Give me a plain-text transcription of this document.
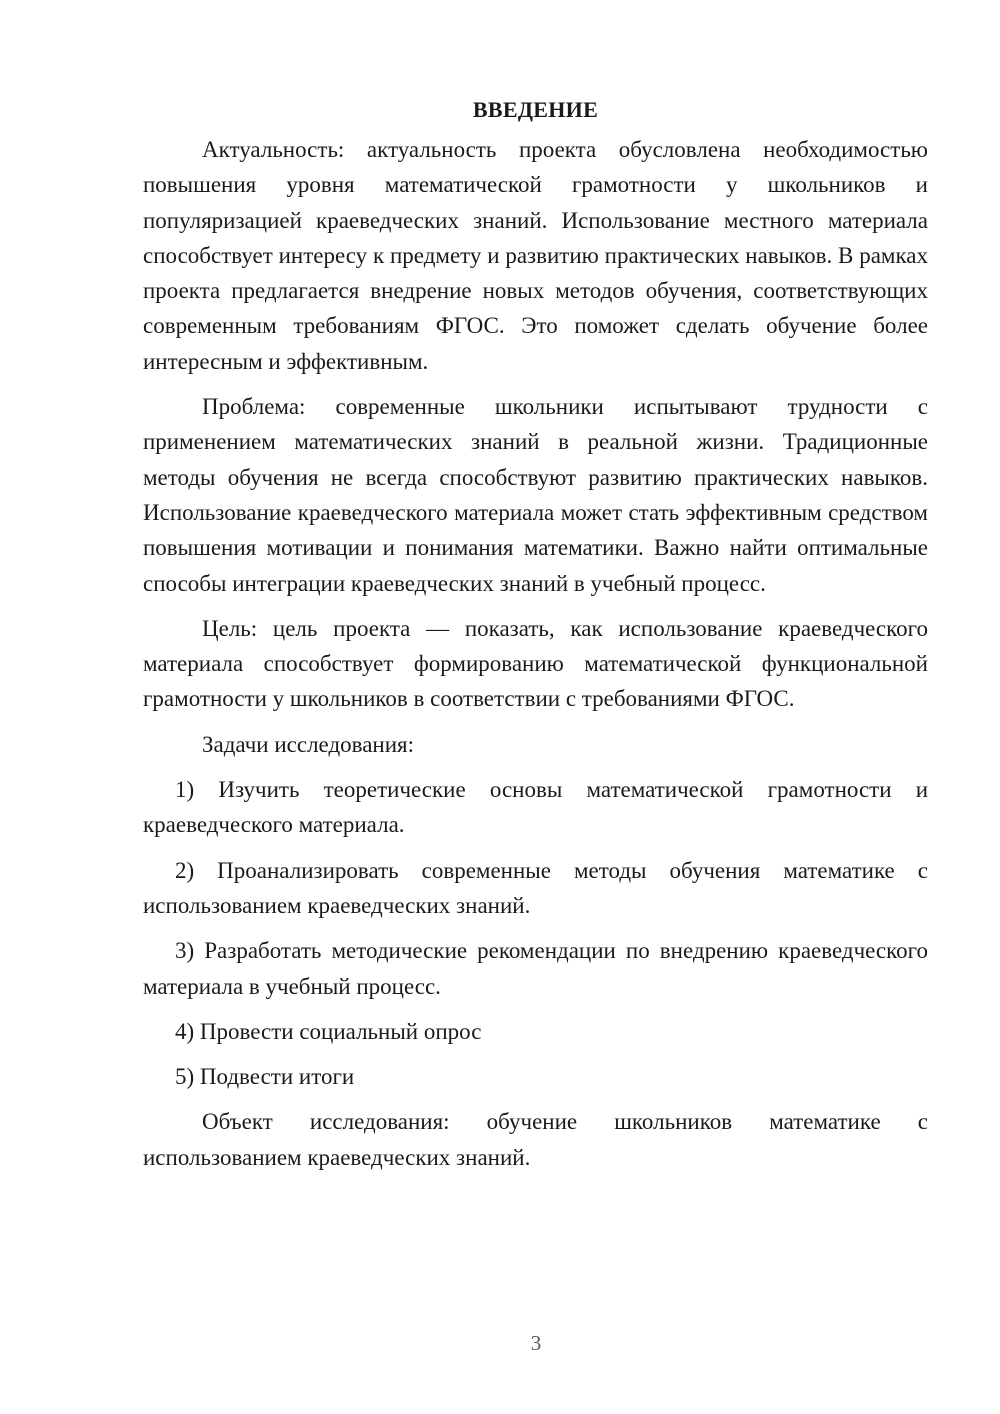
ВВЕДЕНИЕ

Актуальность: актуальность проекта обусловлена необходимостью повышения уровня математической грамотности у школьников и популяризацией краеведческих знаний. Использование местного материала способствует интересу к предмету и развитию практических навыков. В рамках проекта предлагается внедрение новых методов обучения, соответствующих современным требованиям ФГОС. Это поможет сделать обучение более интересным и эффективным.

Проблема: современные школьники испытывают трудности с применением математических знаний в реальной жизни. Традиционные методы обучения не всегда способствуют развитию практических навыков. Использование краеведческого материала может стать эффективным средством повышения мотивации и понимания математики. Важно найти оптимальные способы интеграции краеведческих знаний в учебный процесс.

Цель: цель проекта — показать, как использование краеведческого материала способствует формированию математической функциональной грамотности у школьников в соответствии с требованиями ФГОС.

Задачи исследования:

1) Изучить теоретические основы математической грамотности и краеведческого материала.

2) Проанализировать современные методы обучения математике с использованием краеведческих знаний.

3) Разработать методические рекомендации по внедрению краеведческого материала в учебный процесс.

4) Провести социальный опрос

5) Подвести итоги

Объект исследования: обучение школьников математике с использованием краеведческих знаний.

3
